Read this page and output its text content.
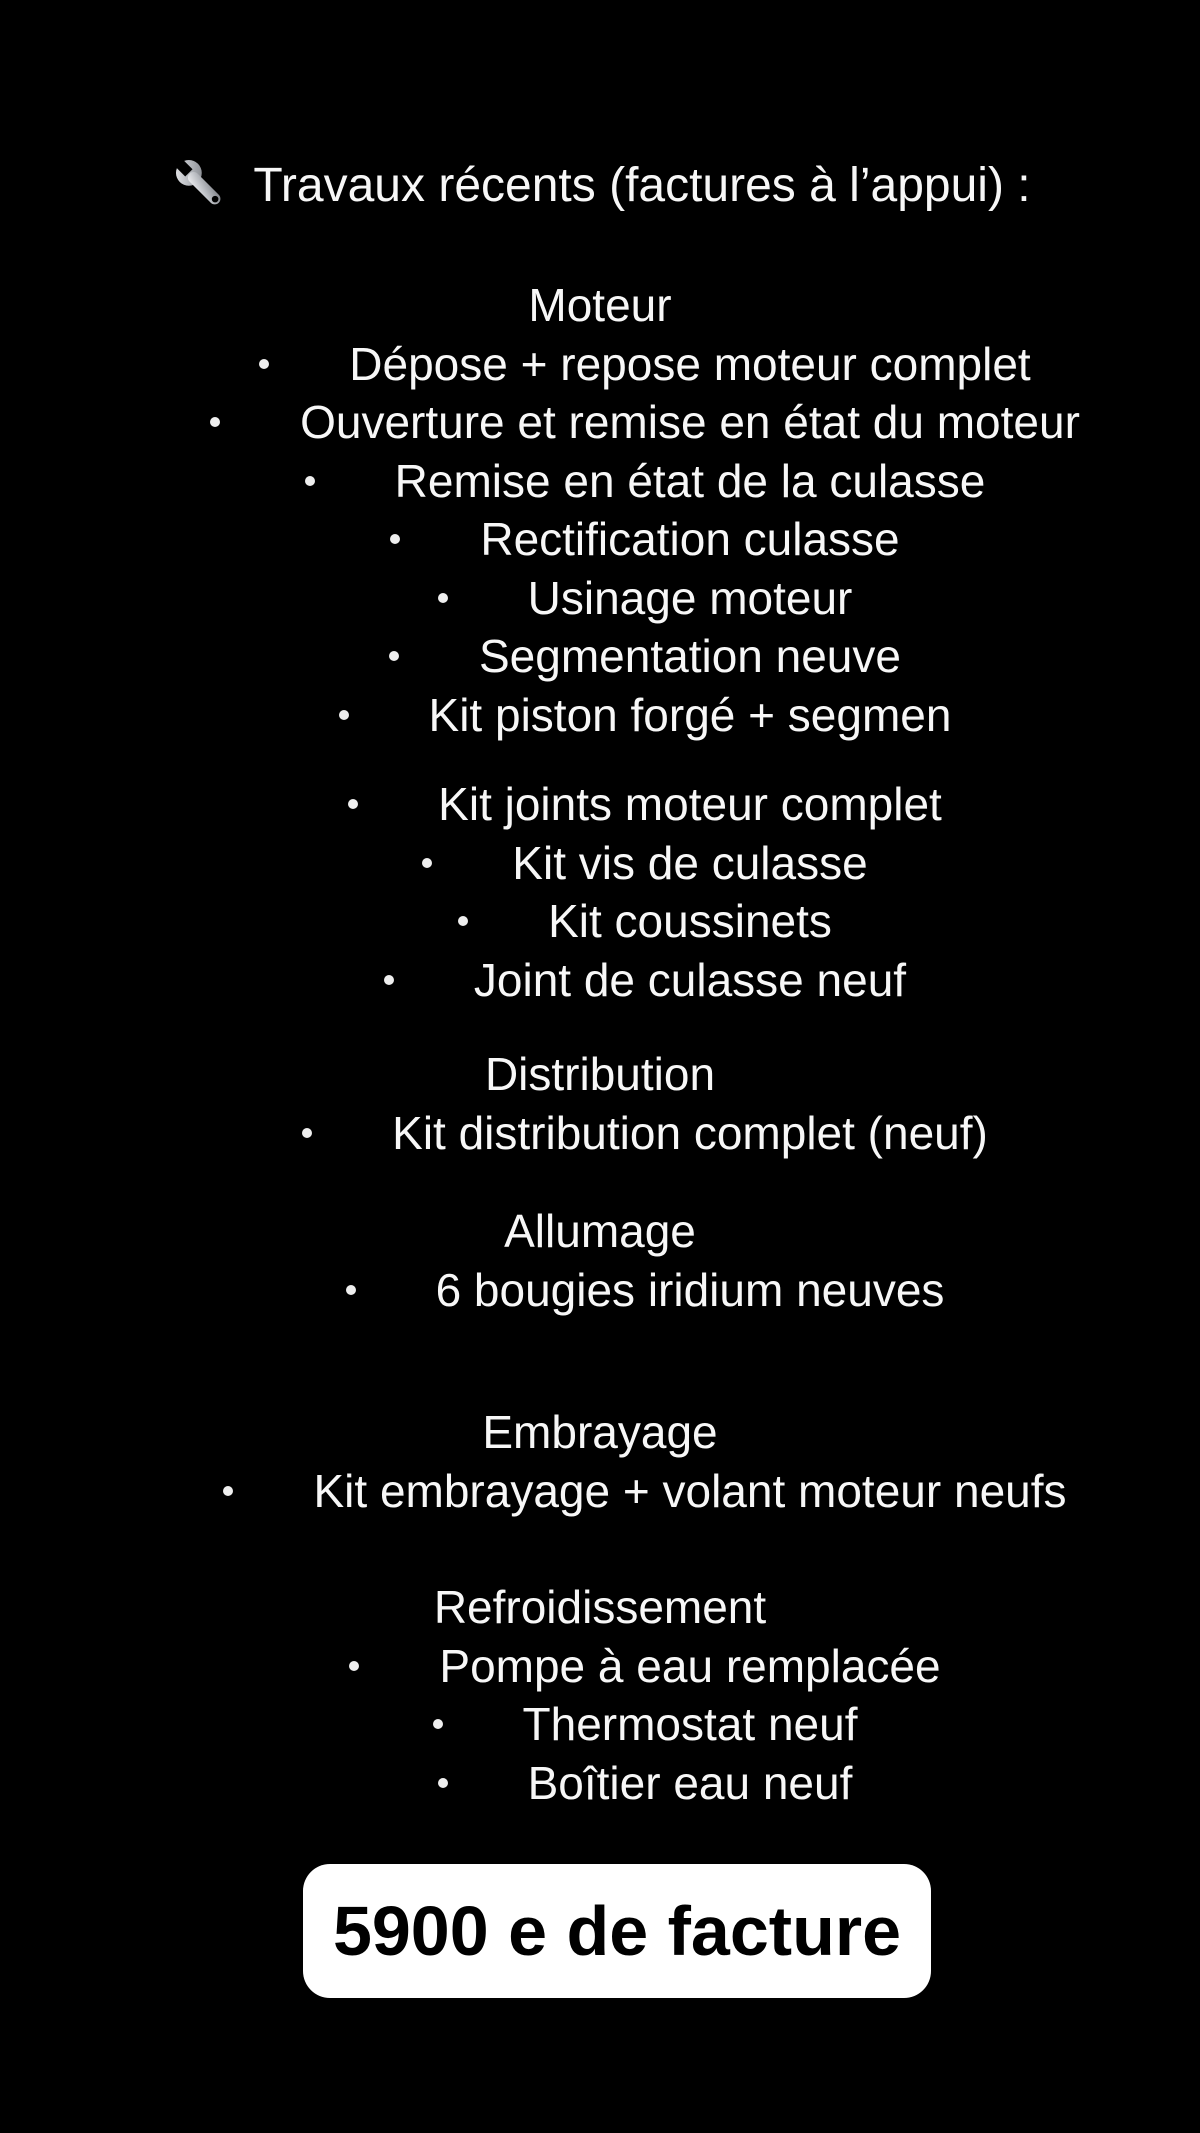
Travaux récents (factures à l’appui) :
Moteur
Dépose + repose moteur complet
Ouverture et remise en état du moteur
Remise en état de la culasse
Rectification culasse
Usinage moteur
Segmentation neuve
Kit piston forgé + segmen
Kit joints moteur complet
Kit vis de culasse
Kit coussinets
Joint de culasse neuf
Distribution
Kit distribution complet (neuf)
Allumage
6 bougies iridium neuves
Embrayage
Kit embrayage + volant moteur neufs
Refroidissement
Pompe à eau remplacée
Thermostat neuf
Boîtier eau neuf
5900 e de facture
